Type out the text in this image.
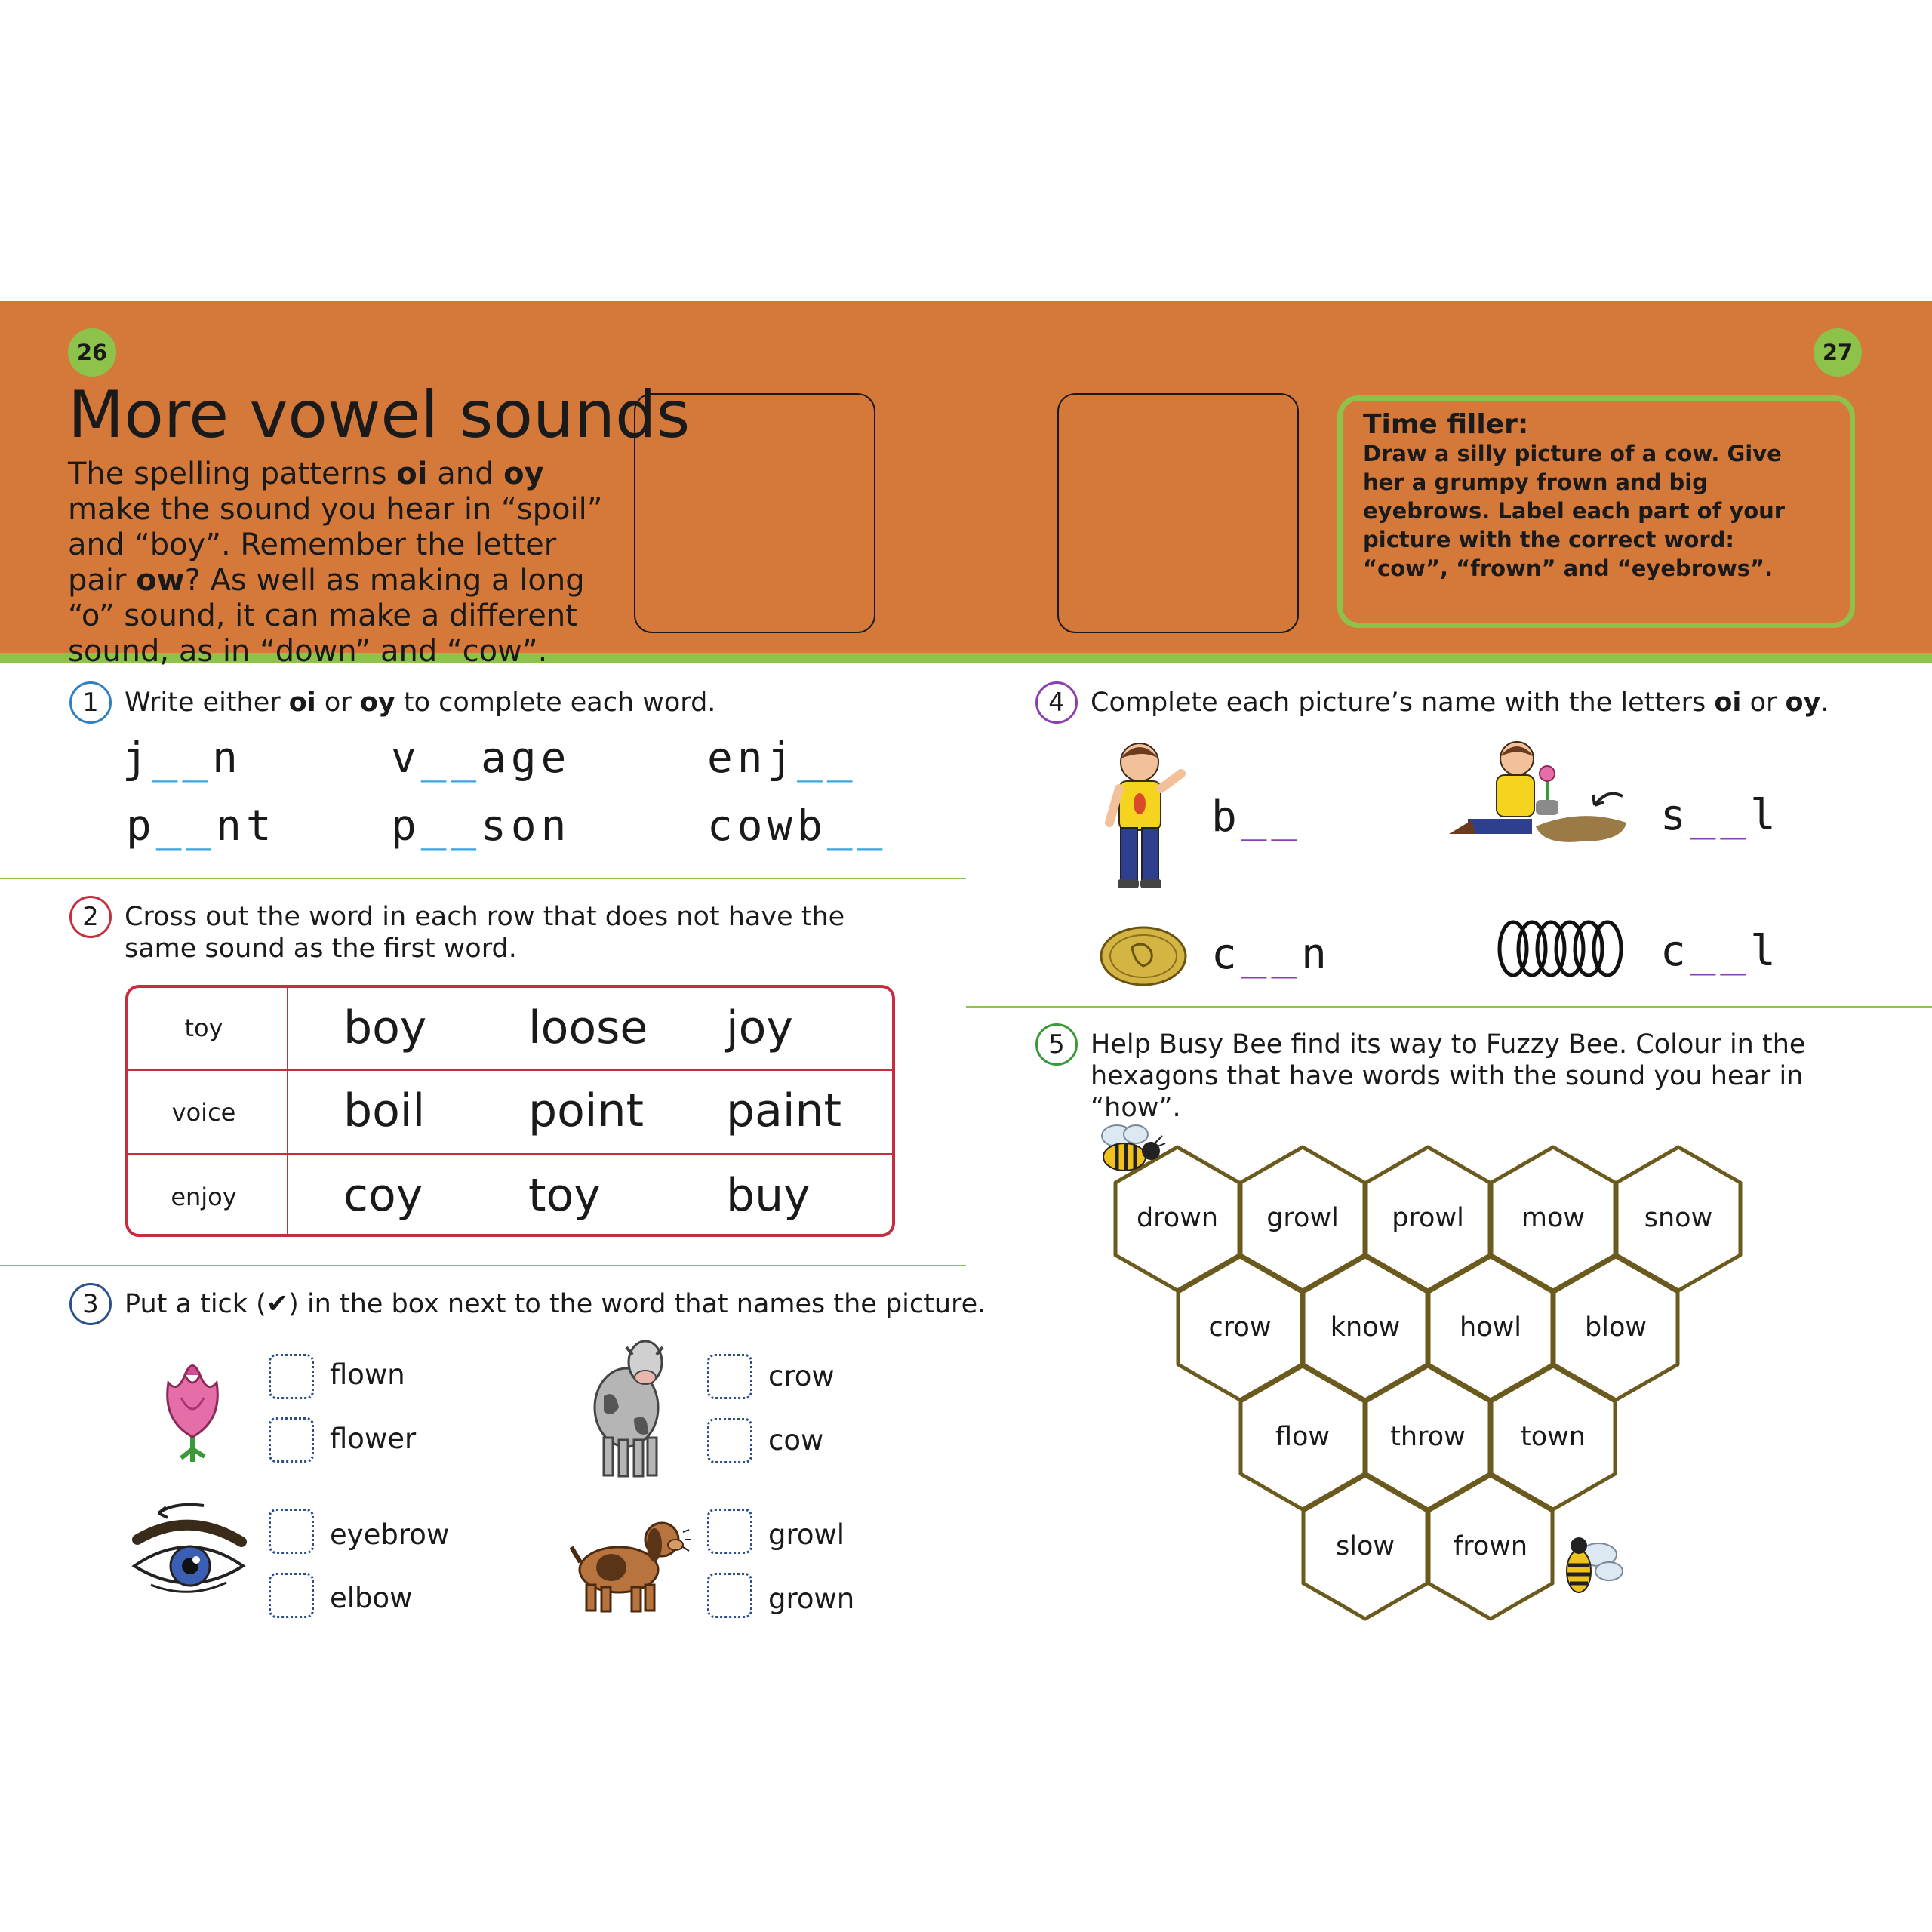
26	27
More vowel sounds
The spelling patterns oi and oy make the sound you hear in “spoil” and “boy”. Remember the letter pair ow? As well as making a long “o” sound, it can make a different sound, as in “down” and “cow”.
Time filler:
Draw a silly picture of a cow. Give her a grumpy frown and big eyebrows. Label each part of your picture with the correct word: “cow”, “frown” and “eyebrows”.
1 Write either oi or oy to complete each word.
j__n	v__age	enj__
p__nt	p__son	cowb__
2 Cross out the word in each row that does not have the same sound as the first word.
toy	boy loose joy
voice	boil point paint
enjoy	coy toy	buy
3 Put a tick (✔) in the box next to the word that names the picture.
flown
flower
crow
cow
eyebrow
elbow
growl
grown
4 Complete each picture’s name with the letters oi or oy.
b__	s__l
c__n	c__l
5 Help Busy Bee find its way to Fuzzy Bee. Colour in the hexagons that have words with the sound you hear in “how”.
drown	growl	prowl	mow	snow
crow	know	howl	blow
flow	throw	town
slow	frown
